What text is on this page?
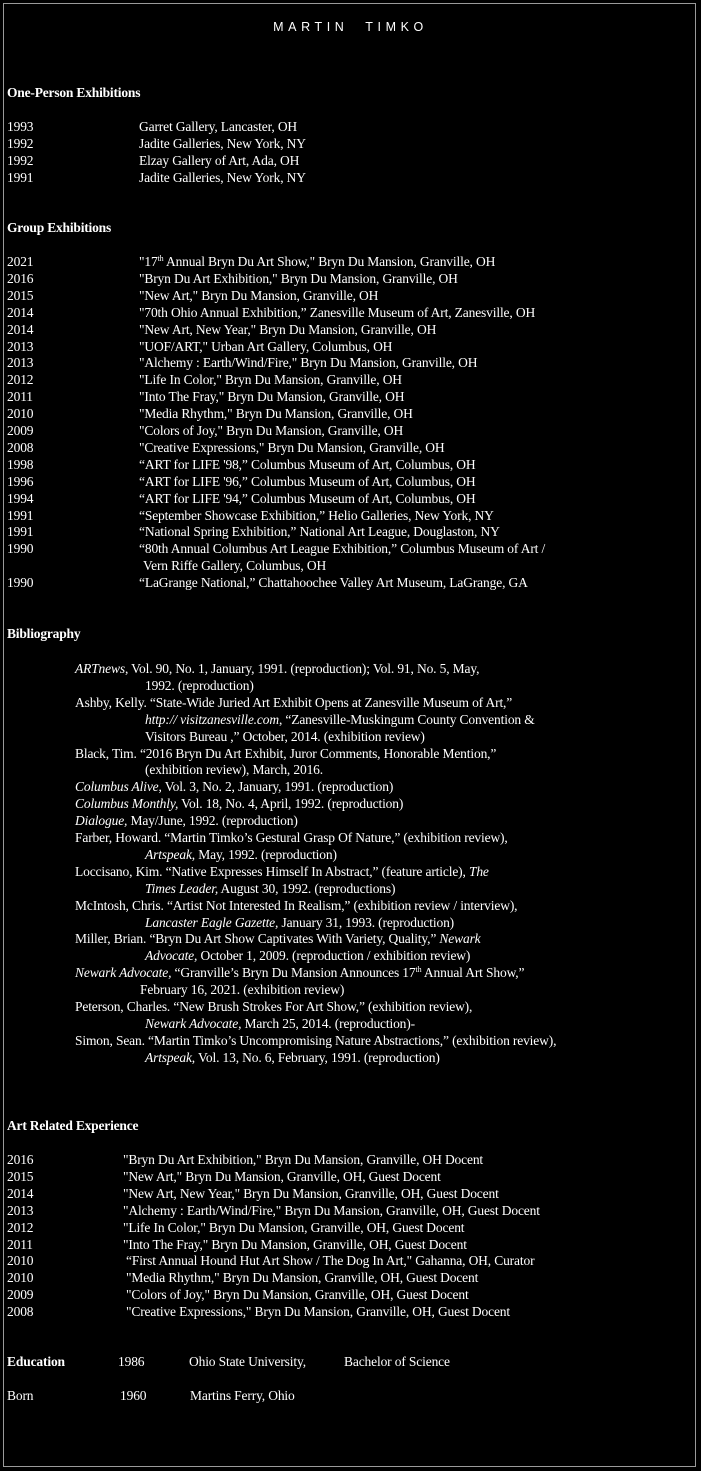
MARTIN TIMKO
One-Person Exhibitions
1993	Garret Gallery, Lancaster, OH
1992	Jadite Galleries, New York, NY
1992	Elzay Gallery of Art, Ada, OH
1991	Jadite Galleries, New York, NY
Group Exhibitions
2021	"17th Annual Bryn Du Art Show," Bryn Du Mansion, Granville, OH
2016	"Bryn Du Art Exhibition," Bryn Du Mansion, Granville, OH
2015	"New Art," Bryn Du Mansion, Granville, OH
2014	"70th Ohio Annual Exhibition,” Zanesville Museum of Art, Zanesville, OH
2014	"New Art, New Year," Bryn Du Mansion, Granville, OH
2013	"UOF/ART," Urban Art Gallery, Columbus, OH
2013	"Alchemy : Earth/Wind/Fire," Bryn Du Mansion, Granville, OH
2012	"Life In Color," Bryn Du Mansion, Granville, OH
2011	"Into The Fray," Bryn Du Mansion, Granville, OH
2010	"Media Rhythm," Bryn Du Mansion, Granville, OH
2009	"Colors of Joy," Bryn Du Mansion, Granville, OH
2008	"Creative Expressions," Bryn Du Mansion, Granville, OH
1998	“ART for LIFE '98,” Columbus Museum of Art, Columbus, OH
1996	“ART for LIFE '96,” Columbus Museum of Art, Columbus, OH
1994	“ART for LIFE '94,” Columbus Museum of Art, Columbus, OH
1991	“September Showcase Exhibition,” Helio Galleries, New York, NY
1991	“National Spring Exhibition,” National Art League, Douglaston, NY
1990	“80th Annual Columbus Art League Exhibition,” Columbus Museum of Art /
Vern Riffe Gallery, Columbus, OH
1990	“LaGrange National,” Chattahoochee Valley Art Museum, LaGrange, GA
Bibliography
ARTnews, Vol. 90, No. 1, January, 1991. (reproduction); Vol. 91, No. 5, May,
1992. (reproduction)
Ashby, Kelly. “State-Wide Juried Art Exhibit Opens at Zanesville Museum of Art,”
http:// visitzanesville.com, “Zanesville-Muskingum County Convention &
Visitors Bureau ,” October, 2014. (exhibition review)
Black, Tim. “2016 Bryn Du Art Exhibit, Juror Comments, Honorable Mention,”
(exhibition review), March, 2016.
Columbus Alive, Vol. 3, No. 2, January, 1991. (reproduction)
Columbus Monthly, Vol. 18, No. 4, April, 1992. (reproduction)
Dialogue, May/June, 1992. (reproduction)
Farber, Howard. “Martin Timko’s Gestural Grasp Of Nature,” (exhibition review),
Artspeak, May, 1992. (reproduction)
Loccisano, Kim. “Native Expresses Himself In Abstract,” (feature article), The
Times Leader, August 30, 1992. (reproductions)
McIntosh, Chris. “Artist Not Interested In Realism,” (exhibition review / interview),
Lancaster Eagle Gazette, January 31, 1993. (reproduction)
Miller, Brian. “Bryn Du Art Show Captivates With Variety, Quality,” Newark
Advocate, October 1, 2009. (reproduction / exhibition review)
Newark Advocate, “Granville’s Bryn Du Mansion Announces 17th Annual Art Show,”
February 16, 2021. (exhibition review)
Peterson, Charles. “New Brush Strokes For Art Show,” (exhibition review),
Newark Advocate, March 25, 2014. (reproduction)-
Simon, Sean. “Martin Timko’s Uncompromising Nature Abstractions,” (exhibition review),
Artspeak, Vol. 13, No. 6, February, 1991. (reproduction)
Art Related Experience
2016	"Bryn Du Art Exhibition," Bryn Du Mansion, Granville, OH Docent
2015	"New Art," Bryn Du Mansion, Granville, OH, Guest Docent
2014	"New Art, New Year," Bryn Du Mansion, Granville, OH, Guest Docent
2013	"Alchemy : Earth/Wind/Fire," Bryn Du Mansion, Granville, OH, Guest Docent
2012	"Life In Color," Bryn Du Mansion, Granville, OH, Guest Docent
2011	"Into The Fray," Bryn Du Mansion, Granville, OH, Guest Docent
2010	“First Annual Hound Hut Art Show / The Dog In Art," Gahanna, OH, Curator
2010	"Media Rhythm," Bryn Du Mansion, Granville, OH, Guest Docent
2009	"Colors of Joy," Bryn Du Mansion, Granville, OH, Guest Docent
2008	"Creative Expressions," Bryn Du Mansion, Granville, OH, Guest Docent
Education	1986	Ohio State University,	Bachelor of Science
Born	1960	Martins Ferry, Ohio
